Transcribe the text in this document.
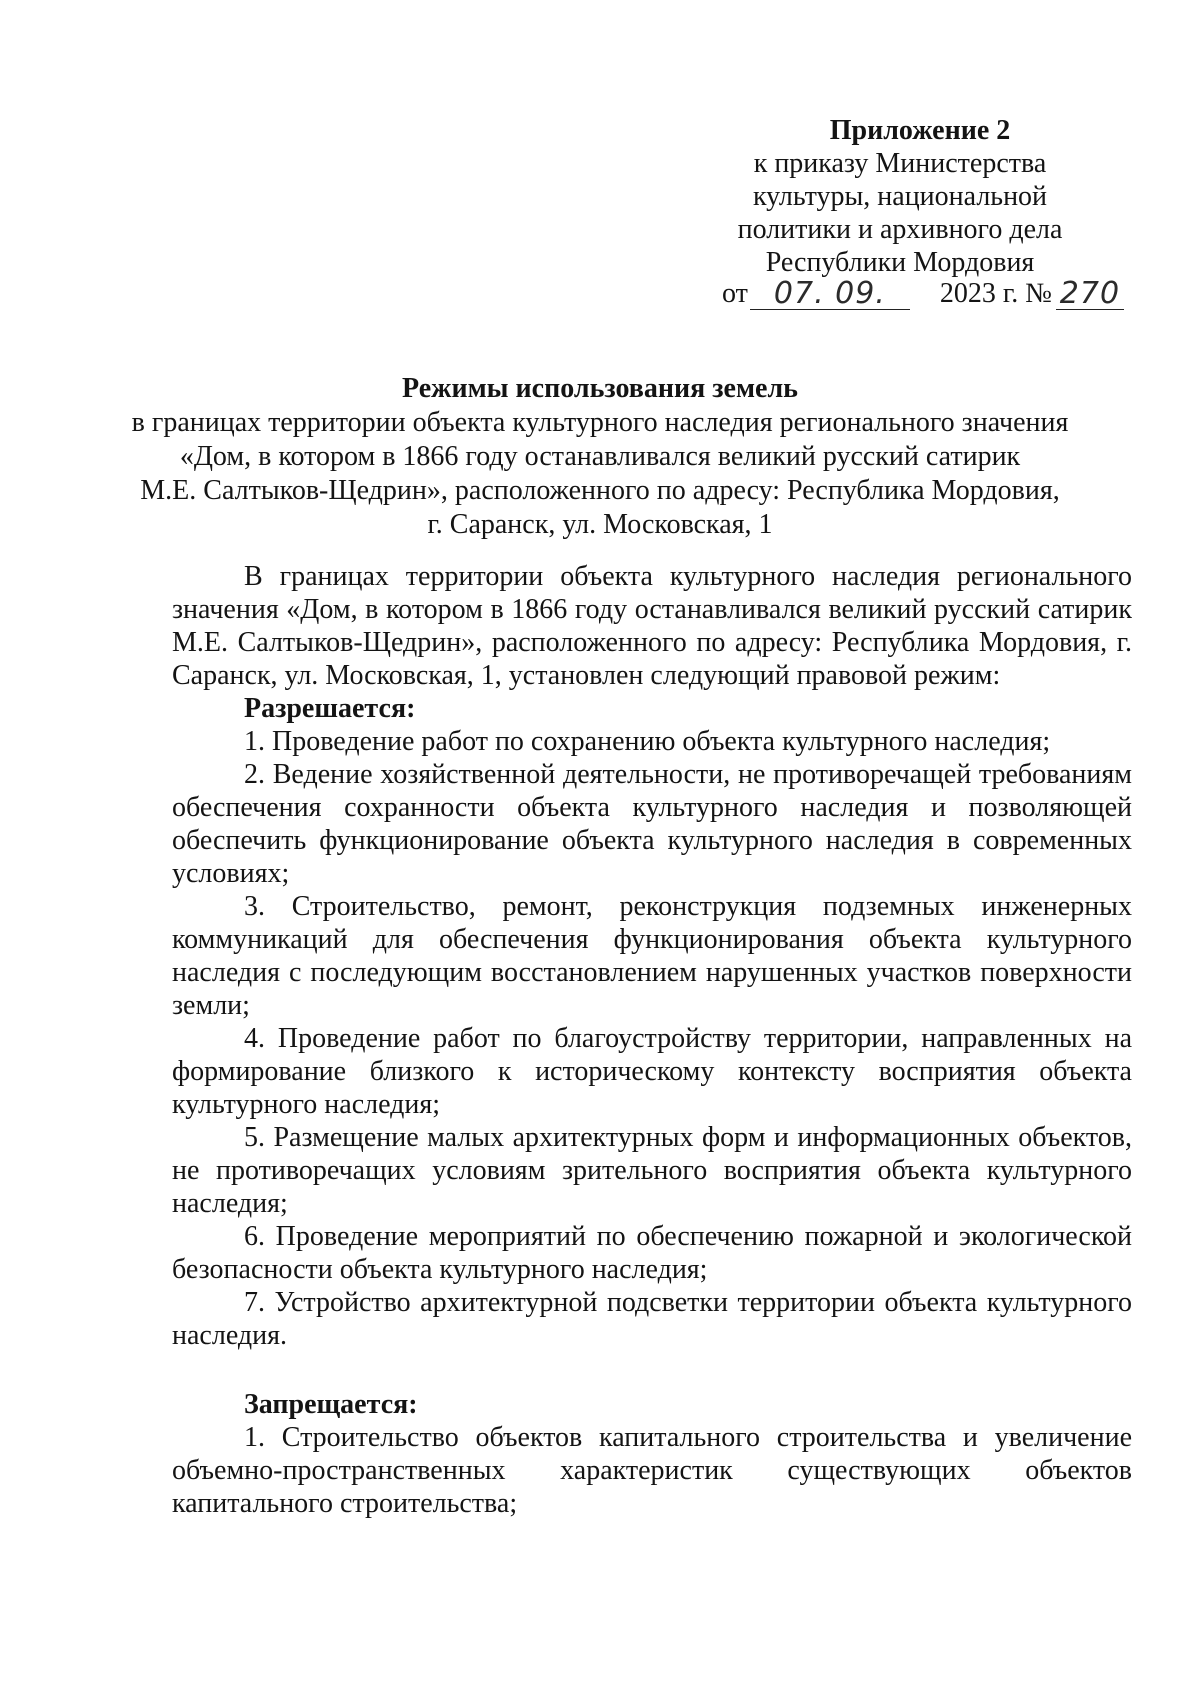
Приложение 2
к приказу Министерства
культуры, национальной
политики и архивного дела
Республики Мордовия
от 07. 09. 2023 г. № 270
Режимы использования земель
в границах территории объекта культурного наследия регионального значения
«Дом, в котором в 1866 году останавливался великий русский сатирик
М.Е. Салтыков-Щедрин», расположенного по адресу: Республика Мордовия,
г. Саранск, ул. Московская, 1

В границах территории объекта культурного наследия регионального значения «Дом, в котором в 1866 году останавливался великий русский сатирик М.Е. Салтыков-Щедрин», расположенного по адресу: Республика Мордовия, г. Саранск, ул. Московская, 1, установлен следующий правовой режим:

Разрешается:

1. Проведение работ по сохранению объекта культурного наследия;

2. Ведение хозяйственной деятельности, не противоречащей требованиям обеспечения сохранности объекта культурного наследия и позволяющей обеспечить функционирование объекта культурного наследия в современных условиях;

3. Строительство, ремонт, реконструкция подземных инженерных коммуникаций для обеспечения функционирования объекта культурного наследия с последующим восстановлением нарушенных участков поверхности земли;

4. Проведение работ по благоустройству территории, направленных на формирование близкого к историческому контексту восприятия объекта культурного наследия;

5. Размещение малых архитектурных форм и информационных объектов, не противоречащих условиям зрительного восприятия объекта культурного наследия;

6. Проведение мероприятий по обеспечению пожарной и экологической безопасности объекта культурного наследия;

7. Устройство архитектурной подсветки территории объекта культурного наследия.

Запрещается:

1. Строительство объектов капитального строительства и увеличение объемно-пространственных характеристик существующих объектов капитального строительства;
